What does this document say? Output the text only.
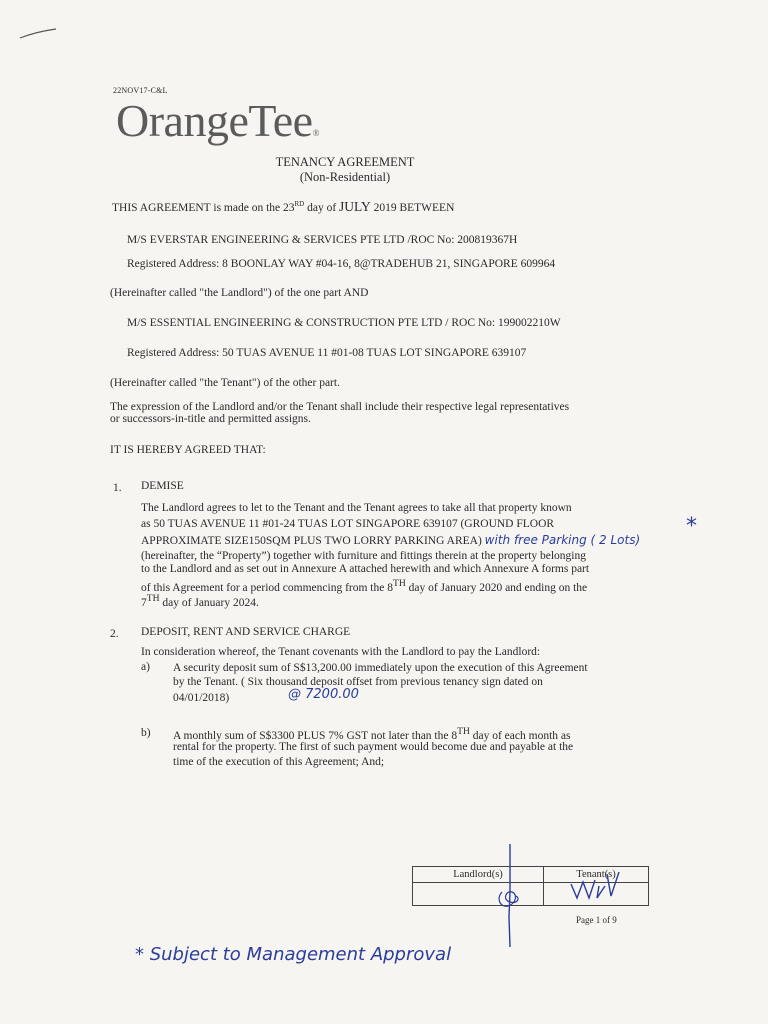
22NOV17-C&L
OrangeTee®
TENANCY AGREEMENT
(Non-Residential)
THIS AGREEMENT is made on the 23RD day of JULY 2019 BETWEEN
M/S EVERSTAR ENGINEERING & SERVICES PTE LTD /ROC No: 200819367H
Registered Address: 8 BOONLAY WAY #04-16, 8@TRADEHUB 21, SINGAPORE 609964
(Hereinafter called "the Landlord") of the one part AND
M/S ESSENTIAL ENGINEERING & CONSTRUCTION PTE LTD / ROC No: 199002210W
Registered Address: 50 TUAS AVENUE 11 #01-08 TUAS LOT SINGAPORE 639107
(Hereinafter called "the Tenant") of the other part.
The expression of the Landlord and/or the Tenant shall include their respective legal representatives
or successors-in-title and permitted assigns.
IT IS HEREBY AGREED THAT:
1. DEMISE
The Landlord agrees to let to the Tenant and the Tenant agrees to take all that property known
as 50 TUAS AVENUE 11 #01-24 TUAS LOT SINGAPORE 639107 (GROUND FLOOR
APPROXIMATE SIZE150SQM PLUS TWO LORRY PARKING AREA) with free Parking ( 2 Lots)
*
(hereinafter, the “Property”) together with furniture and fittings therein at the property belonging
to the Landlord and as set out in Annexure A attached herewith and which Annexure A forms part
of this Agreement for a period commencing from the 8TH day of January 2020 and ending on the
7TH day of January 2024.
2. DEPOSIT, RENT AND SERVICE CHARGE
In consideration whereof, the Tenant covenants with the Landlord to pay the Landlord:
a) A security deposit sum of S$13,200.00 immediately upon the execution of this Agreement
by the Tenant. ( Six thousand deposit offset from previous tenancy sign dated on
04/01/2018)	@ 7200.00
b) A monthly sum of S$3300 PLUS 7% GST not later than the 8TH day of each month as
rental for the property. The first of such payment would become due and payable at the
time of the execution of this Agreement; And;
Landlord(s)	Tenant(s)

Page 1 of 9
* Subject to Management Approval
